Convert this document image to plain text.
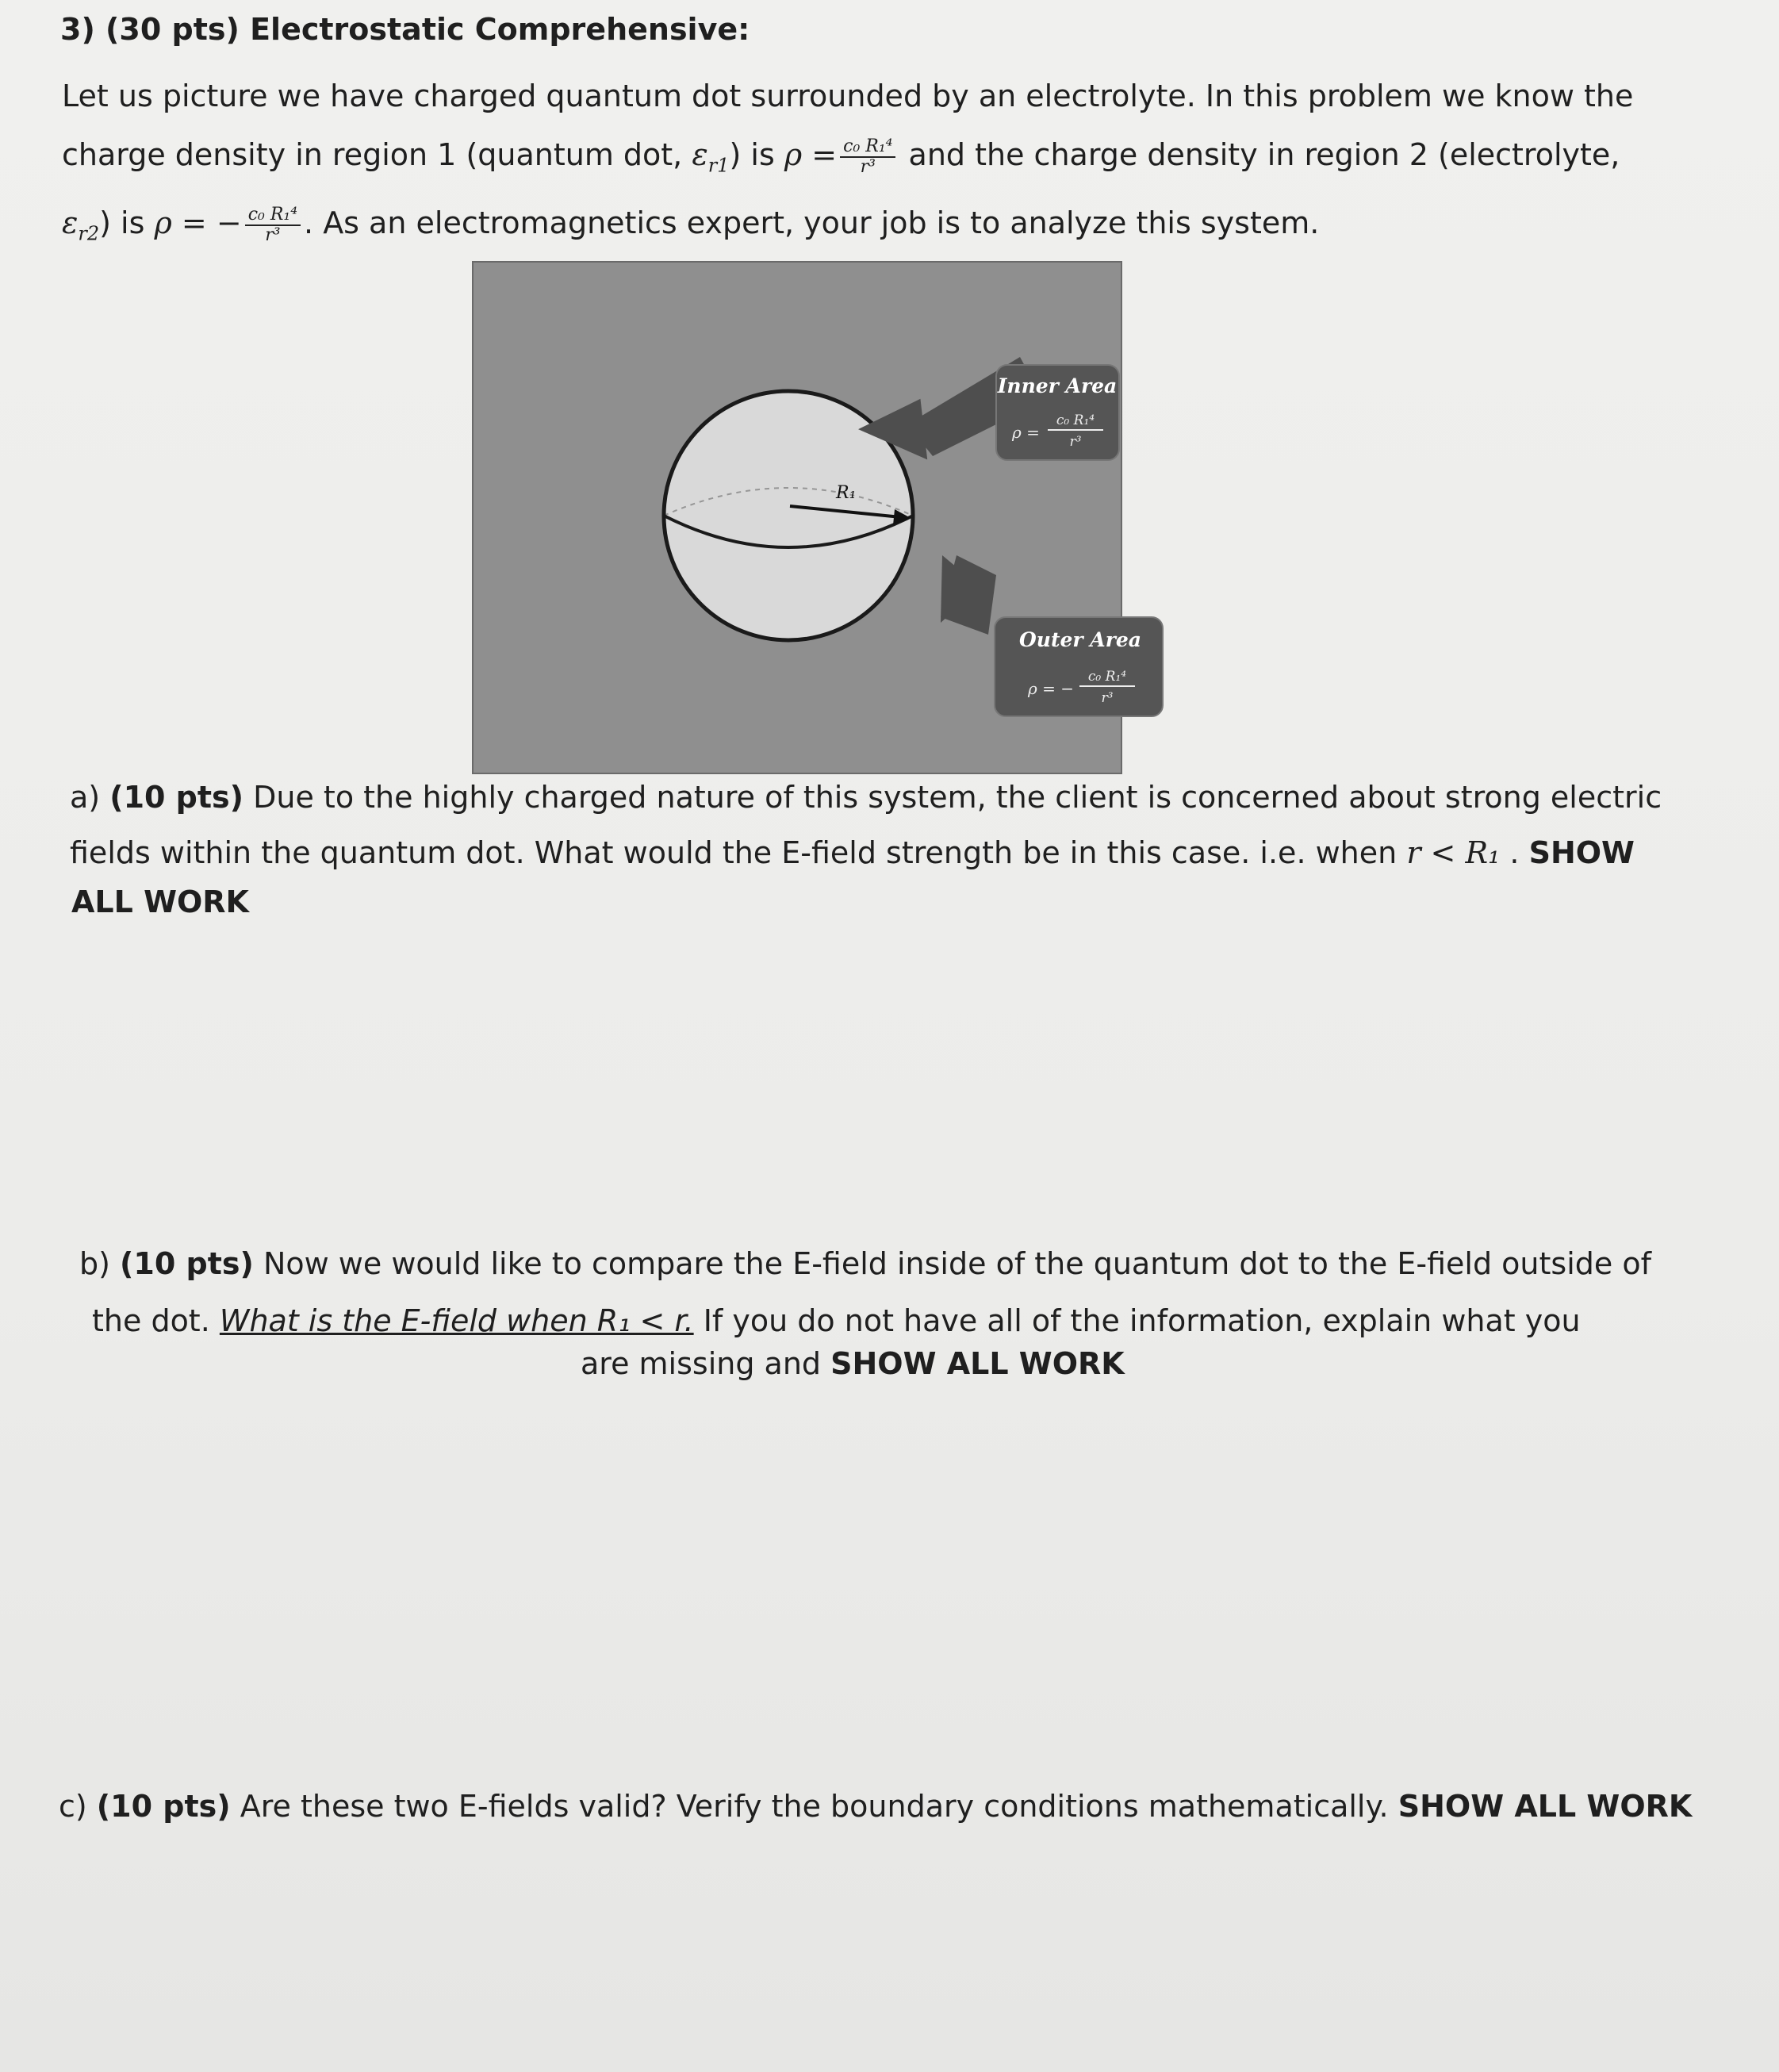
3) (30 pts) Electrostatic Comprehensive:
Let us picture we have charged quantum dot surrounded by an electrolyte. In this problem we know the
charge density in region 1 (quantum dot, $\varepsilon_{r1}$) is $\rho = \frac{\text{c₀ R₁⁴}}{\text{r³}}$ and the charge density in region 2 (electrolyte,
$\varepsilon_{r2}$) is ρ = − $\frac{\text{c₀ R₁⁴}}{\text{r³}}$ . As an electromagnetics expert, your job is to analyze this system.
R₁
Inner Area
ρ =
c₀ R₁⁴
r³
Outer Area
ρ = −
c₀ R₁⁴
r³
a) (10 pts) Due to the highly charged nature of this system, the client is concerned about strong electric
fields within the quantum dot. What would the E-field strength be in this case. i.e. when r < R₁ . SHOW
ALL WORK
b) (10 pts) Now we would like to compare the E-field inside of the quantum dot to the E-field outside of
the dot. What is the E-field when R₁ < r. If you do not have all of the information, explain what you
are missing and SHOW ALL WORK
c) (10 pts) Are these two E-fields valid? Verify the boundary conditions mathematically. SHOW ALL WORK
